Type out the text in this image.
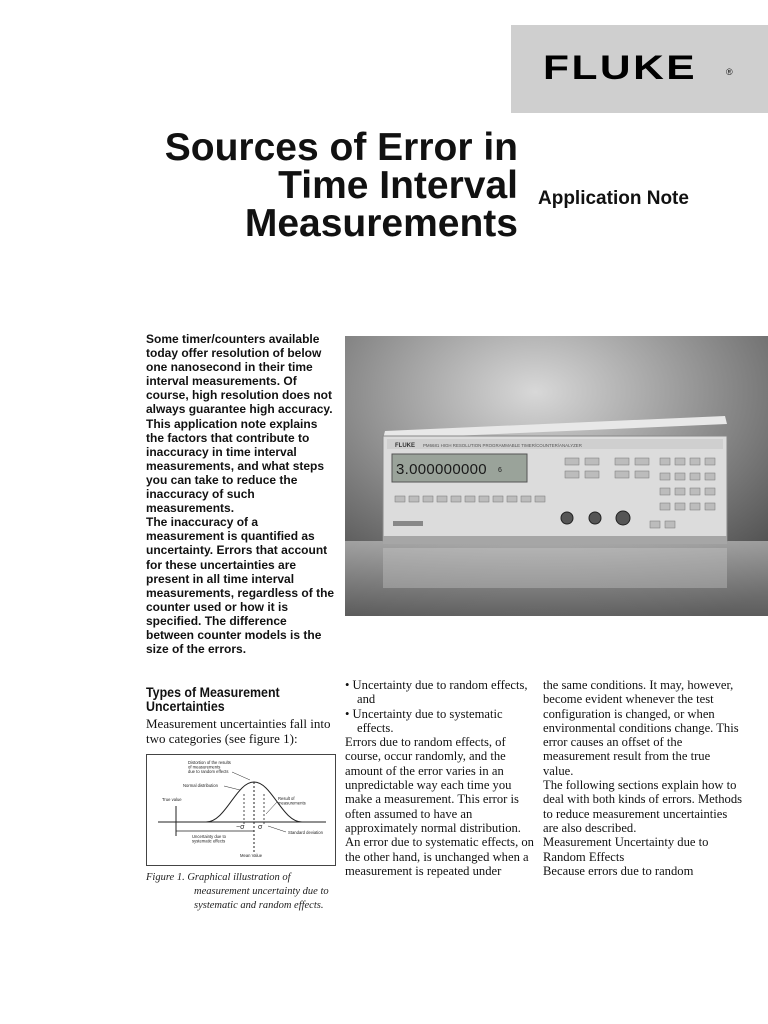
FLUKE	®
Sources of Error in
Time Interval
Measurements
Application Note

Some timer/counters available today offer resolution of below one nanosecond in their time interval measurements. Of course, high resolution does not always guarantee high accuracy.

This application note explains the factors that contribute to inaccuracy in time interval measurements, and what steps you can take to reduce the inaccuracy of such measurements.

The inaccuracy of a measurement is quantified as uncertainty. Errors that account for these uncertainties are present in all time interval measurements, regardless of the counter used or how it is specified. The difference between counter models is the size of the errors.

FLUKE PM6681 HIGH RESOLUTION PROGRAMMABLE TIMER/COUNTER/ANALYZER
3.000000000 6
Types of Measurement Uncertainties

Measurement uncertainties fall into two categories (see figure 1):

Distortion of the results
of measurements
due to random effects
Normal distribution
True value	Result of
measurements
−σ σ
Uncertainty due to
systematic effects
Standard deviation
Mean Value
Figure 1. Graphical illustration of
measurement uncertainty due to systematic and random effects.

• Uncertainty due to random effects, and

• Uncertainty due to systematic effects.

Errors due to random effects, of course, occur randomly, and the amount of the error varies in an unpredictable way each time you make a measurement. This error is often assumed to have an approximately normal distribution.

An error due to systematic effects, on the other hand, is unchanged when a measurement is repeated under

the same conditions. It may, however, become evident whenever the test configuration is changed, or when environmental conditions change. This error causes an offset of the measurement result from the true value.

The following sections explain how to deal with both kinds of errors. Methods to reduce measurement uncertainties are also described.

Measurement Uncertainty due to Random Effects

Because errors due to random
